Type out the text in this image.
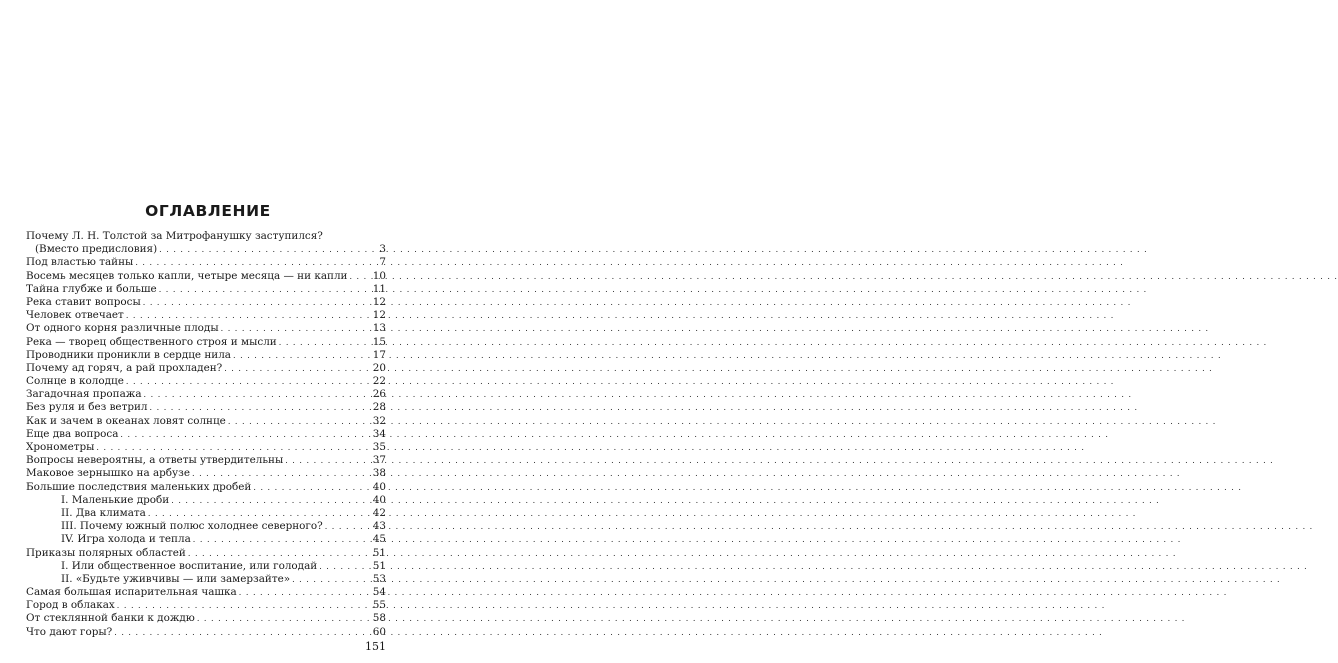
ОГЛАВЛЕНИЕ
Почему Л. Н. Толстой за Митрофанушку заступился?
(Вместо предисловия) . . .	3
Под властью тайны . . .	7
Восемь месяцев только капли, четыре месяца — ни капли . . . 10
Тайна глубже и больше . . .	11
Река ставит вопросы . . .	12
Человек отвечает . . .	12
От одного корня различные плоды . . .	13
Река — творец общественного строя и мысли . . .	15
Проводники проникли в сердце нила . . .	17
Почему ад горяч, а рай прохладен? . . .	20
Солнце в колодце . . .	22
Загадочная пропажа . . .	26
Без руля и без ветрил . . .	28
Как и зачем в океанах ловят солнце . . .	32
Еще два вопроса . . .	34
Хронометры . . .	35
Вопросы невероятны, а ответы утвердительны . . .	37
Маковое зернышко на арбузе . . .	38
Большие последствия маленьких дробей . . .	40
I. Маленькие дроби . . .	40
II. Два климата . . .	42
III. Почему южный полюс холоднее северного? . . .	43
IV. Игра холода и тепла . . .	45
Приказы полярных областей . . .	51
I. Или общественное воспитание, или голодай . . .	51
II. «Будьте уживчивы — или замерзайте» . . .	53
Самая большая испарительная чашка . . .	54
Город в облаках . . .	55
От стеклянной банки к дождю . . .	58
Что дают горы? . . .	60
151
